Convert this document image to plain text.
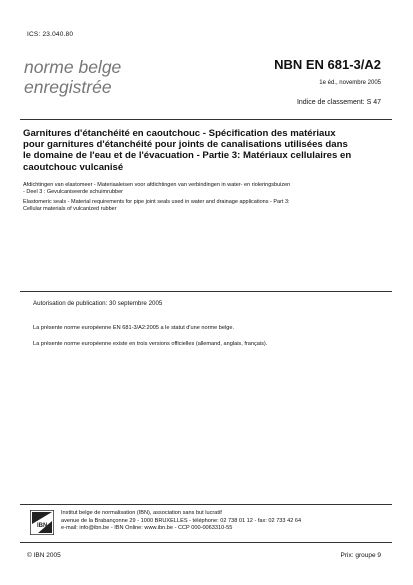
ICS: 23.040.80
norme belge
enregistrée
NBN EN 681-3/A2
1e éd., novembre 2005
Indice de classement: S 47
Garnitures d'étanchéité en caoutchouc - Spécification des matériaux
pour garnitures d'étanchéité pour joints de canalisations utilisées dans
le domaine de l'eau et de l'évacuation - Partie 3: Matériaux cellulaires en
caoutchouc vulcanisé
Afdichtingen van elastomeer - Materiaaleisen voor afdichtingen van verbindingen in water- en rioleringsbuizen
- Deel 3 : Gevulcaniseerde schuimrubber
Elastomeric seals - Material requirements for pipe joint seals used in water and drainage applications - Part 3:
Cellular materials of vulcanized rubber
Autorisation de publication: 30 septembre 2005
La présente norme européenne EN 681-3/A2:2005 a le statut d'une norme belge.
La présente norme européenne existe en trois versions officielles (allemand, anglais, français).
IBN
Institut belge de normalisation (IBN), association sans but lucratif
avenue de la Brabançonne 29 - 1000 BRUXELLES - téléphone: 02 738 01 12 - fax: 02 733 42 64
e-mail: info@ibn.be - IBN Online: www.ibn.be - CCP 000-0063310-55
© IBN 2005	Prix: groupe 9
